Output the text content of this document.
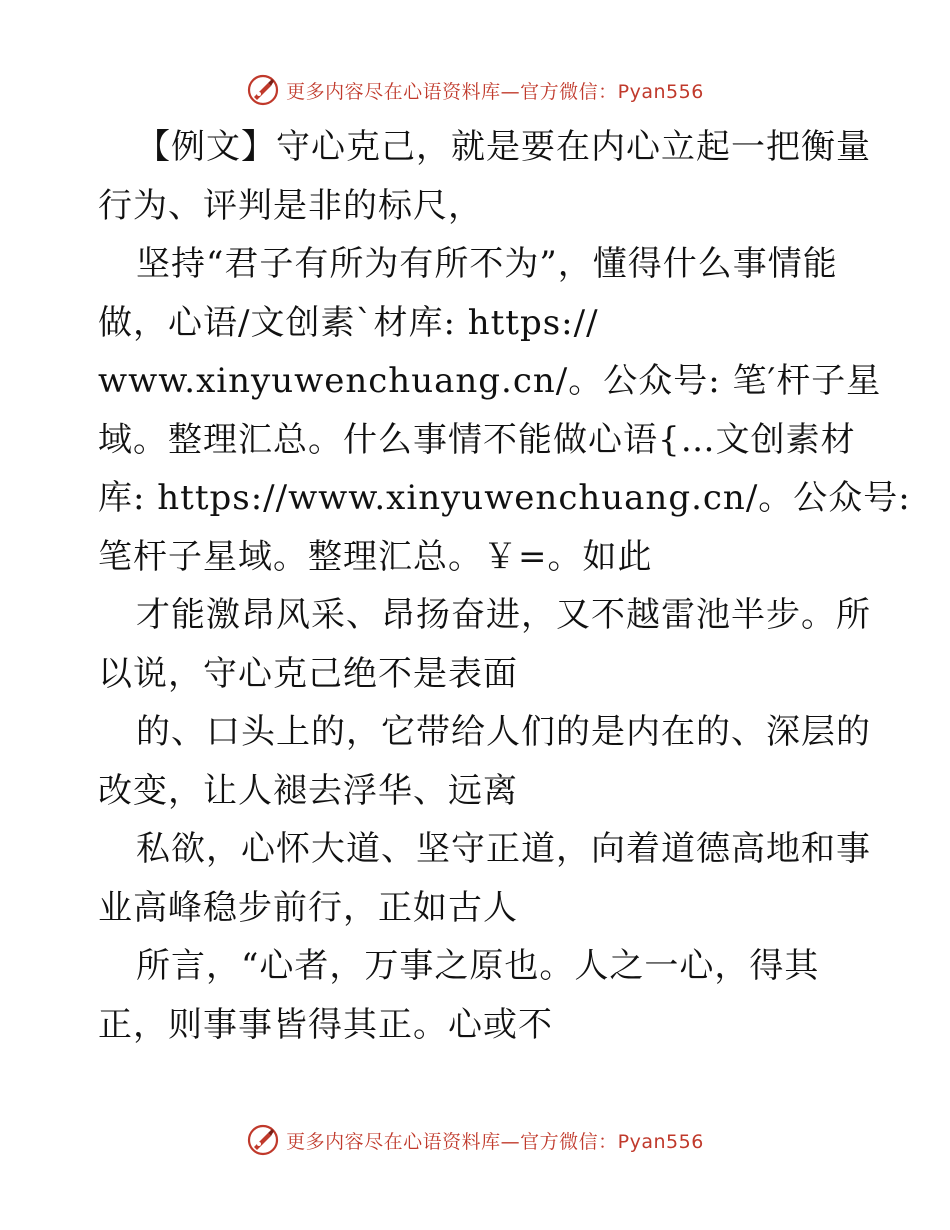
更多内容尽在心语资料库—官方微信：Pyan556
【例文】守心克己，就是要在内心立起一把衡量
行为、评判是非的标尺，
坚持“君子有所为有所不为”，懂得什么事情能
做，心语/文创素`材库: https://
www.xinyuwenchuang.cn/。公众号: 笔′杆子星
域。整理汇总。什么事情不能做心语{…文创素材
库: https://www.xinyuwenchuang.cn/。公众号:
笔杆子星域。整理汇总。￥=。如此
才能激昂风采、昂扬奋进，又不越雷池半步。所
以说，守心克己绝不是表面
的、口头上的，它带给人们的是内在的、深层的
改变，让人褪去浮华、远离
私欲，心怀大道、坚守正道，向着道德高地和事
业高峰稳步前行，正如古人
所言，“心者，万事之原也。人之一心，得其
正，则事事皆得其正。心或不
更多内容尽在心语资料库—官方微信：Pyan556
